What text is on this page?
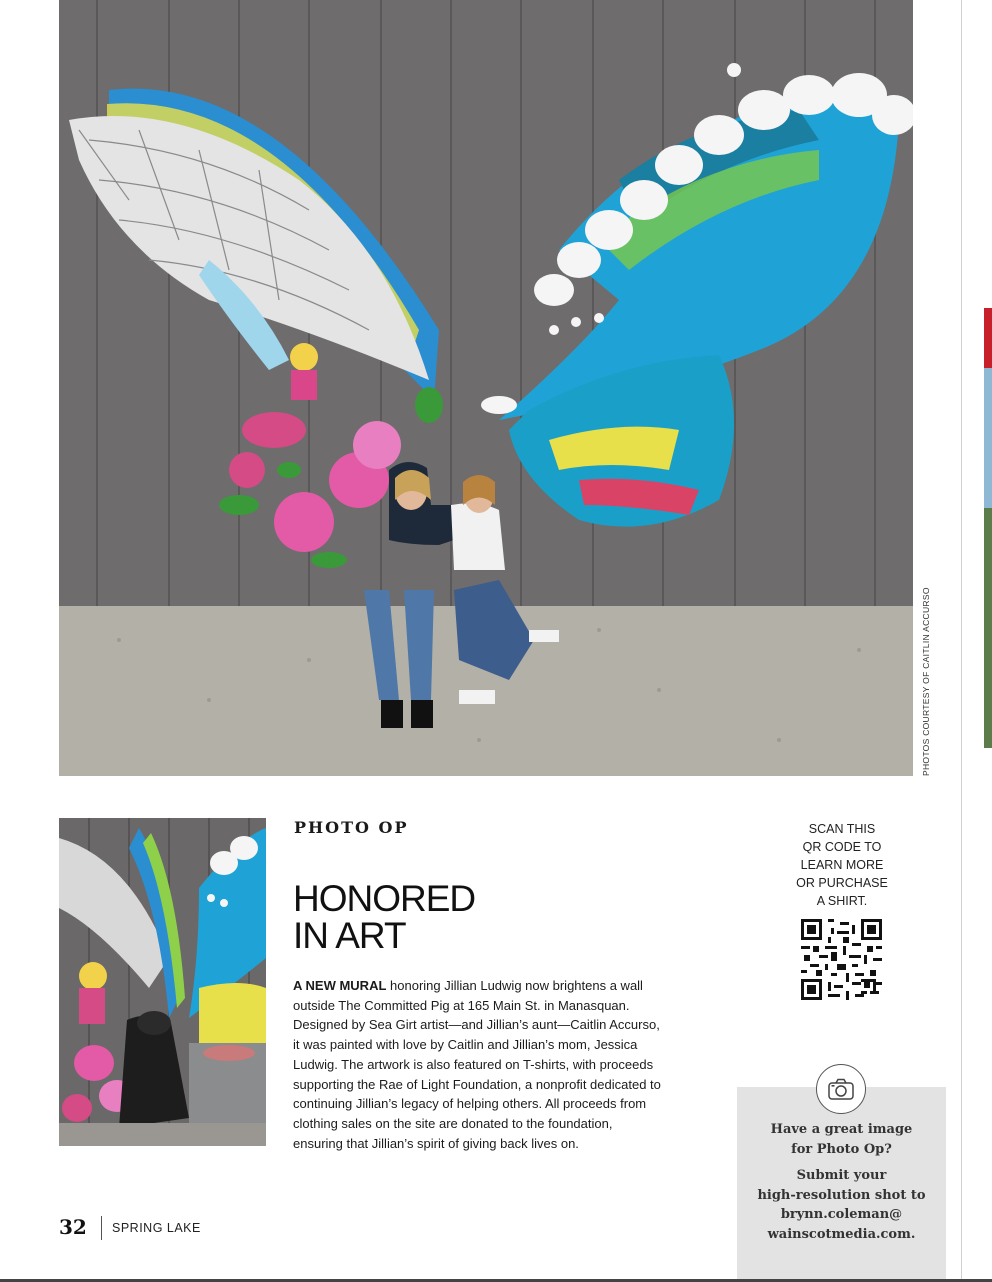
PHOTOS COURTESY OF CAITLIN ACCURSO
PHOTO OP
HONORED
IN ART

A NEW MURAL honoring Jillian Ludwig now brightens a wall outside The Committed Pig at 165 Main St. in Manasquan. Designed by Sea Girt artist—and Jillian’s aunt—Caitlin Accurso, it was painted with love by Caitlin and Jillian’s mom, Jessica Ludwig. The artwork is also featured on T-shirts, with proceeds supporting the Rae of Light Foundation, a nonprofit dedicated to continuing Jillian’s legacy of helping others. All proceeds from clothing sales on the site are donated to the foundation, ensuring that Jillian’s spirit of giving back lives on.

SCAN THIS
QR CODE TO
LEARN MORE
OR PURCHASE
A SHIRT.
Have a great image
for Photo Op?
Submit your
high-resolution shot to
brynn.coleman@
wainscotmedia.com.
32 SPRING LAKE
